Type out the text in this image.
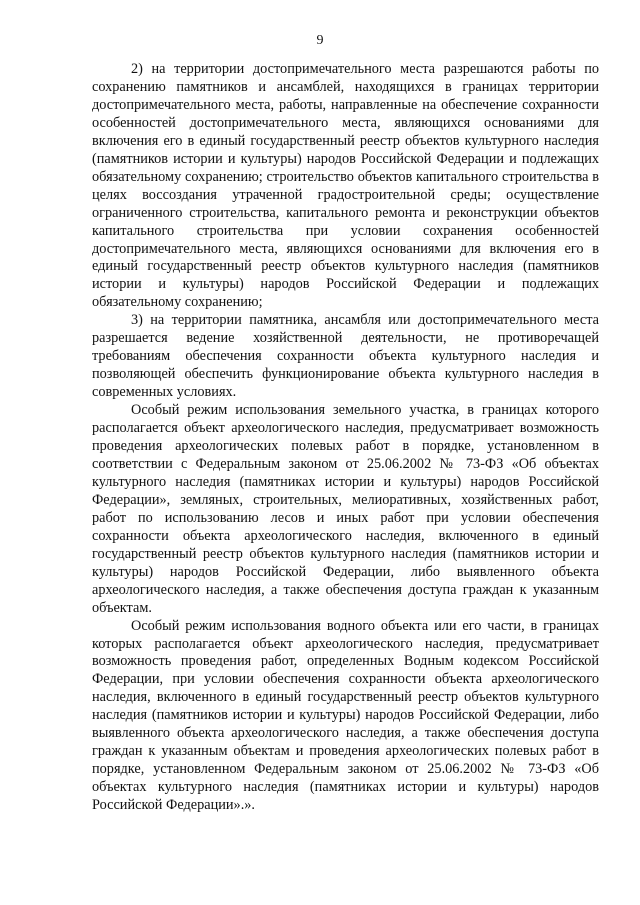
9

2) на территории достопримечательного места разрешаются работы по сохранению памятников и ансамблей, находящихся в границах территории достопримечательного места, работы, направленные на обеспечение сохранности особенностей достопримечательного места, являющихся основаниями для включения его в единый государственный реестр объектов культурного наследия (памятников истории и культуры) народов Российской Федерации и подлежащих обязательному сохранению; строительство объектов капитального строительства в целях воссоздания утраченной градостроительной среды; осуществление ограниченного строительства, капитального ремонта и реконструкции объектов капитального строительства при условии сохранения особенностей достопримечательного места, являющихся основаниями для включения его в единый государственный реестр объектов культурного наследия (памятников истории и культуры) народов Российской Федерации и подлежащих обязательному сохранению;

3) на территории памятника, ансамбля или достопримечательного места разрешается ведение хозяйственной деятельности, не противоречащей требованиям обеспечения сохранности объекта культурного наследия и позволяющей обеспечить функционирование объекта культурного наследия в современных условиях.

Особый режим использования земельного участка, в границах которого располагается объект археологического наследия, предусматривает возможность проведения археологических полевых работ в порядке, установленном в соответствии с Федеральным законом от 25.06.2002 № 73-ФЗ «Об объектах культурного наследия (памятниках истории и культуры) народов Российской Федерации», земляных, строительных, мелиоративных, хозяйственных работ, работ по использованию лесов и иных работ при условии обеспечения сохранности объекта археологического наследия, включенного в единый государственный реестр объектов культурного наследия (памятников истории и культуры) народов Российской Федерации, либо выявленного объекта археологического наследия, а также обеспечения доступа граждан к указанным объектам.

Особый режим использования водного объекта или его части, в границах которых располагается объект археологического наследия, предусматривает возможность проведения работ, определенных Водным кодексом Российской Федерации, при условии обеспечения сохранности объекта археологического наследия, включенного в единый государственный реестр объектов культурного наследия (памятников истории и культуры) народов Российской Федерации, либо выявленного объекта археологического наследия, а также обеспечения доступа граждан к указанным объектам и проведения археологических полевых работ в порядке, установленном Федеральным законом от 25.06.2002 № 73-ФЗ «Об объектах культурного наследия (памятниках истории и культуры) народов Российской Федерации».».
